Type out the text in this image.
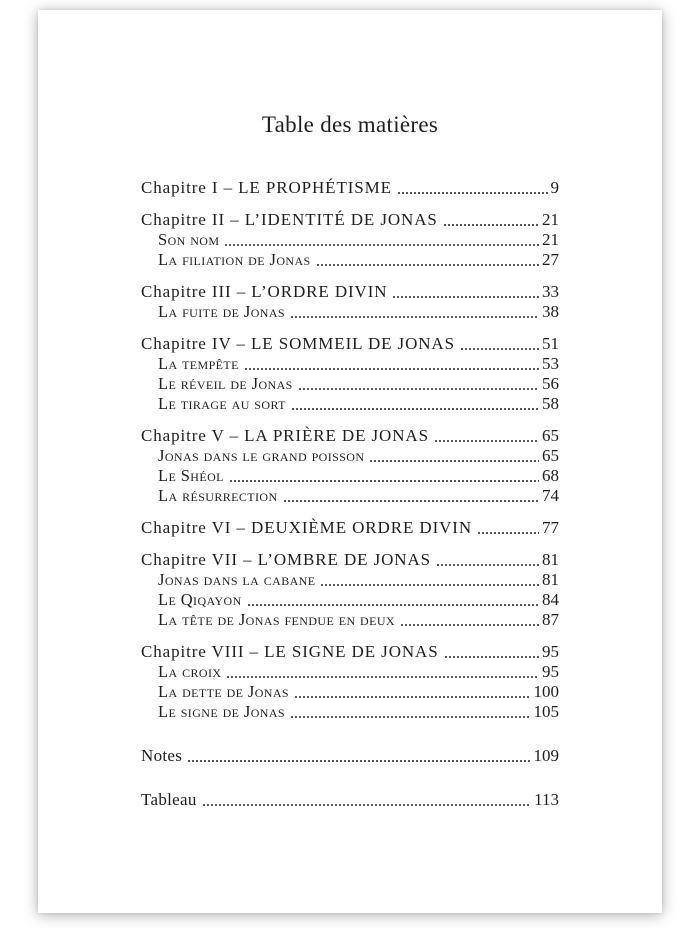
Table des matières
Chapitre I – LE PROPHÉTISME	9
Chapitre II – L’IDENTITÉ DE JONAS	21
Son nom	21
La filiation de Jonas	27
Chapitre III – L’ORDRE DIVIN	33
La fuite de Jonas	38
Chapitre IV – LE SOMMEIL DE JONAS	51
La tempête	53
Le réveil de Jonas	56
Le tirage au sort	58
Chapitre V – LA PRIÈRE DE JONAS	65
Jonas dans le grand poisson	65
Le Shéol	68
La résurrection	74
Chapitre VI – DEUXIÈME ORDRE DIVIN	77
Chapitre VII – L’OMBRE DE JONAS	81
Jonas dans la cabane	81
Le Qiqayon	84
La tête de Jonas fendue en deux	87
Chapitre VIII – LE SIGNE DE JONAS	95
La croix	95
La dette de Jonas	100
Le signe de Jonas	105
Notes	109
Tableau	113
